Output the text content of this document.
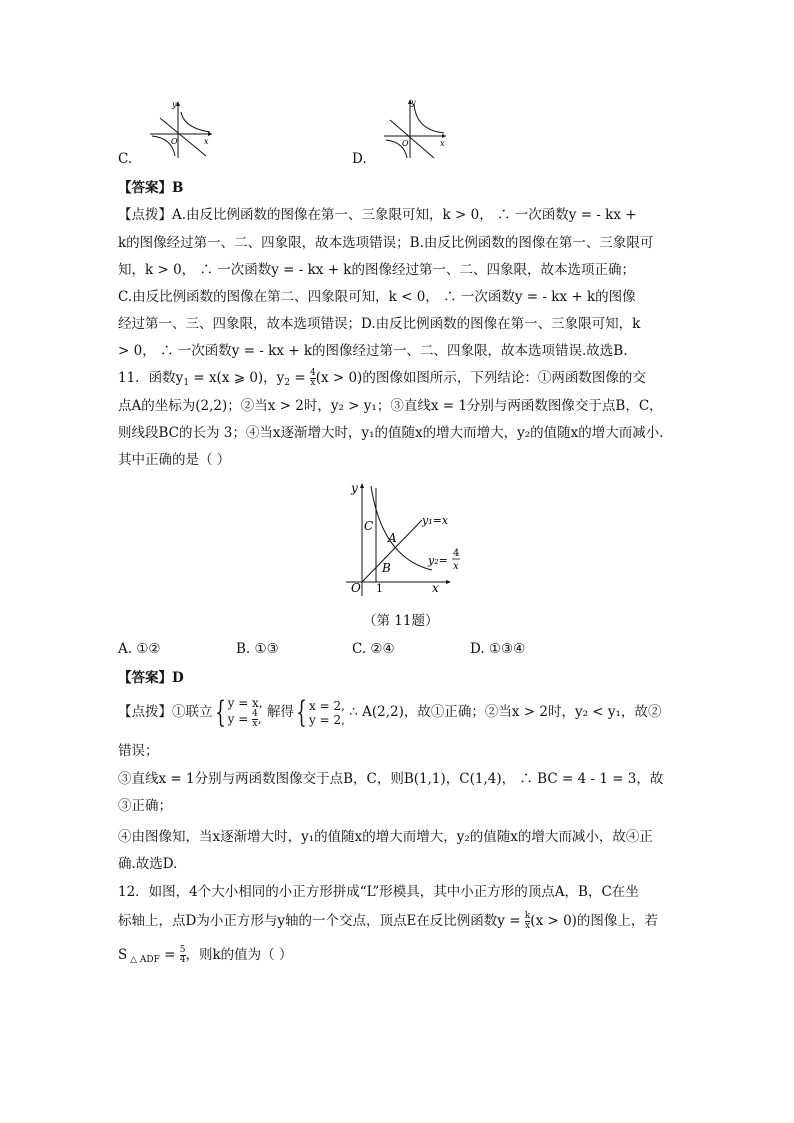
y
O	x
y
O	x
C.	D.
【答案】B
【点拨】A.由反比例函数的图像在第一、三象限可知，k > 0， ∴ 一次函数y = - kx +
k的图像经过第一、二、四象限，故本选项错误；B.由反比例函数的图像在第一、三象限可
知，k > 0， ∴ 一次函数y = - kx + k的图像经过第一、二、四象限，故本选项正确；
C.由反比例函数的图像在第二、四象限可知，k < 0， ∴ 一次函数y = - kx + k的图像
经过第一、三、四象限，故本选项错误；D.由反比例函数的图像在第一、三象限可知，k
> 0， ∴ 一次函数y = - kx + k的图像经过第一、二、四象限，故本选项错误.故选B.
11．函数$y_1 = x(x$ ⩾ 0)，$y_2 = \frac{4}{x}(x > 0)$的图像如图所示，下列结论：①两函数图像的交
点A的坐标为(2,2)；②当x > 2时，y₂ > y₁；③直线x = 1分别与两函数图像交于点B，C，
则线段BC的长为 3；④当x逐渐增大时，y₁的值随x的增大而增大，y₂的值随x的增大而减小.
其中正确的是（ ）
y
O 1	x
C
A
B
y₁=x
y₂=
4
x
（第 11题）
A. ①②	B. ①③	C. ②④	D. ①③④
【答案】D
【点拨】①联立{ y = x,
$y = \frac{4}{x}$, 解得{ x = 2,
y = 2, ∴ A(2,2)，故①正确；②当x > 2时，y₂ < y₁，故②
错误；
③直线x = 1分别与两函数图像交于点B，C，则B(1,1)，C(1,4)， ∴ BC = 4 - 1 = 3，故
③正确；
④由图像知，当x逐渐增大时，y₁的值随x的增大而增大，y₂的值随x的增大而减小，故④正
确.故选D.
12．如图，4个大小相同的小正方形拼成“L”形模具，其中小正方形的顶点A，B，C在坐
标轴上，点D为小正方形与y轴的一个交点，顶点E在反比例函数$y = \frac{k}{x}(x > 0)$的图像上，若
S $_{\triangle ADF} = \frac{5}{4}$，则k的值为（ ）
